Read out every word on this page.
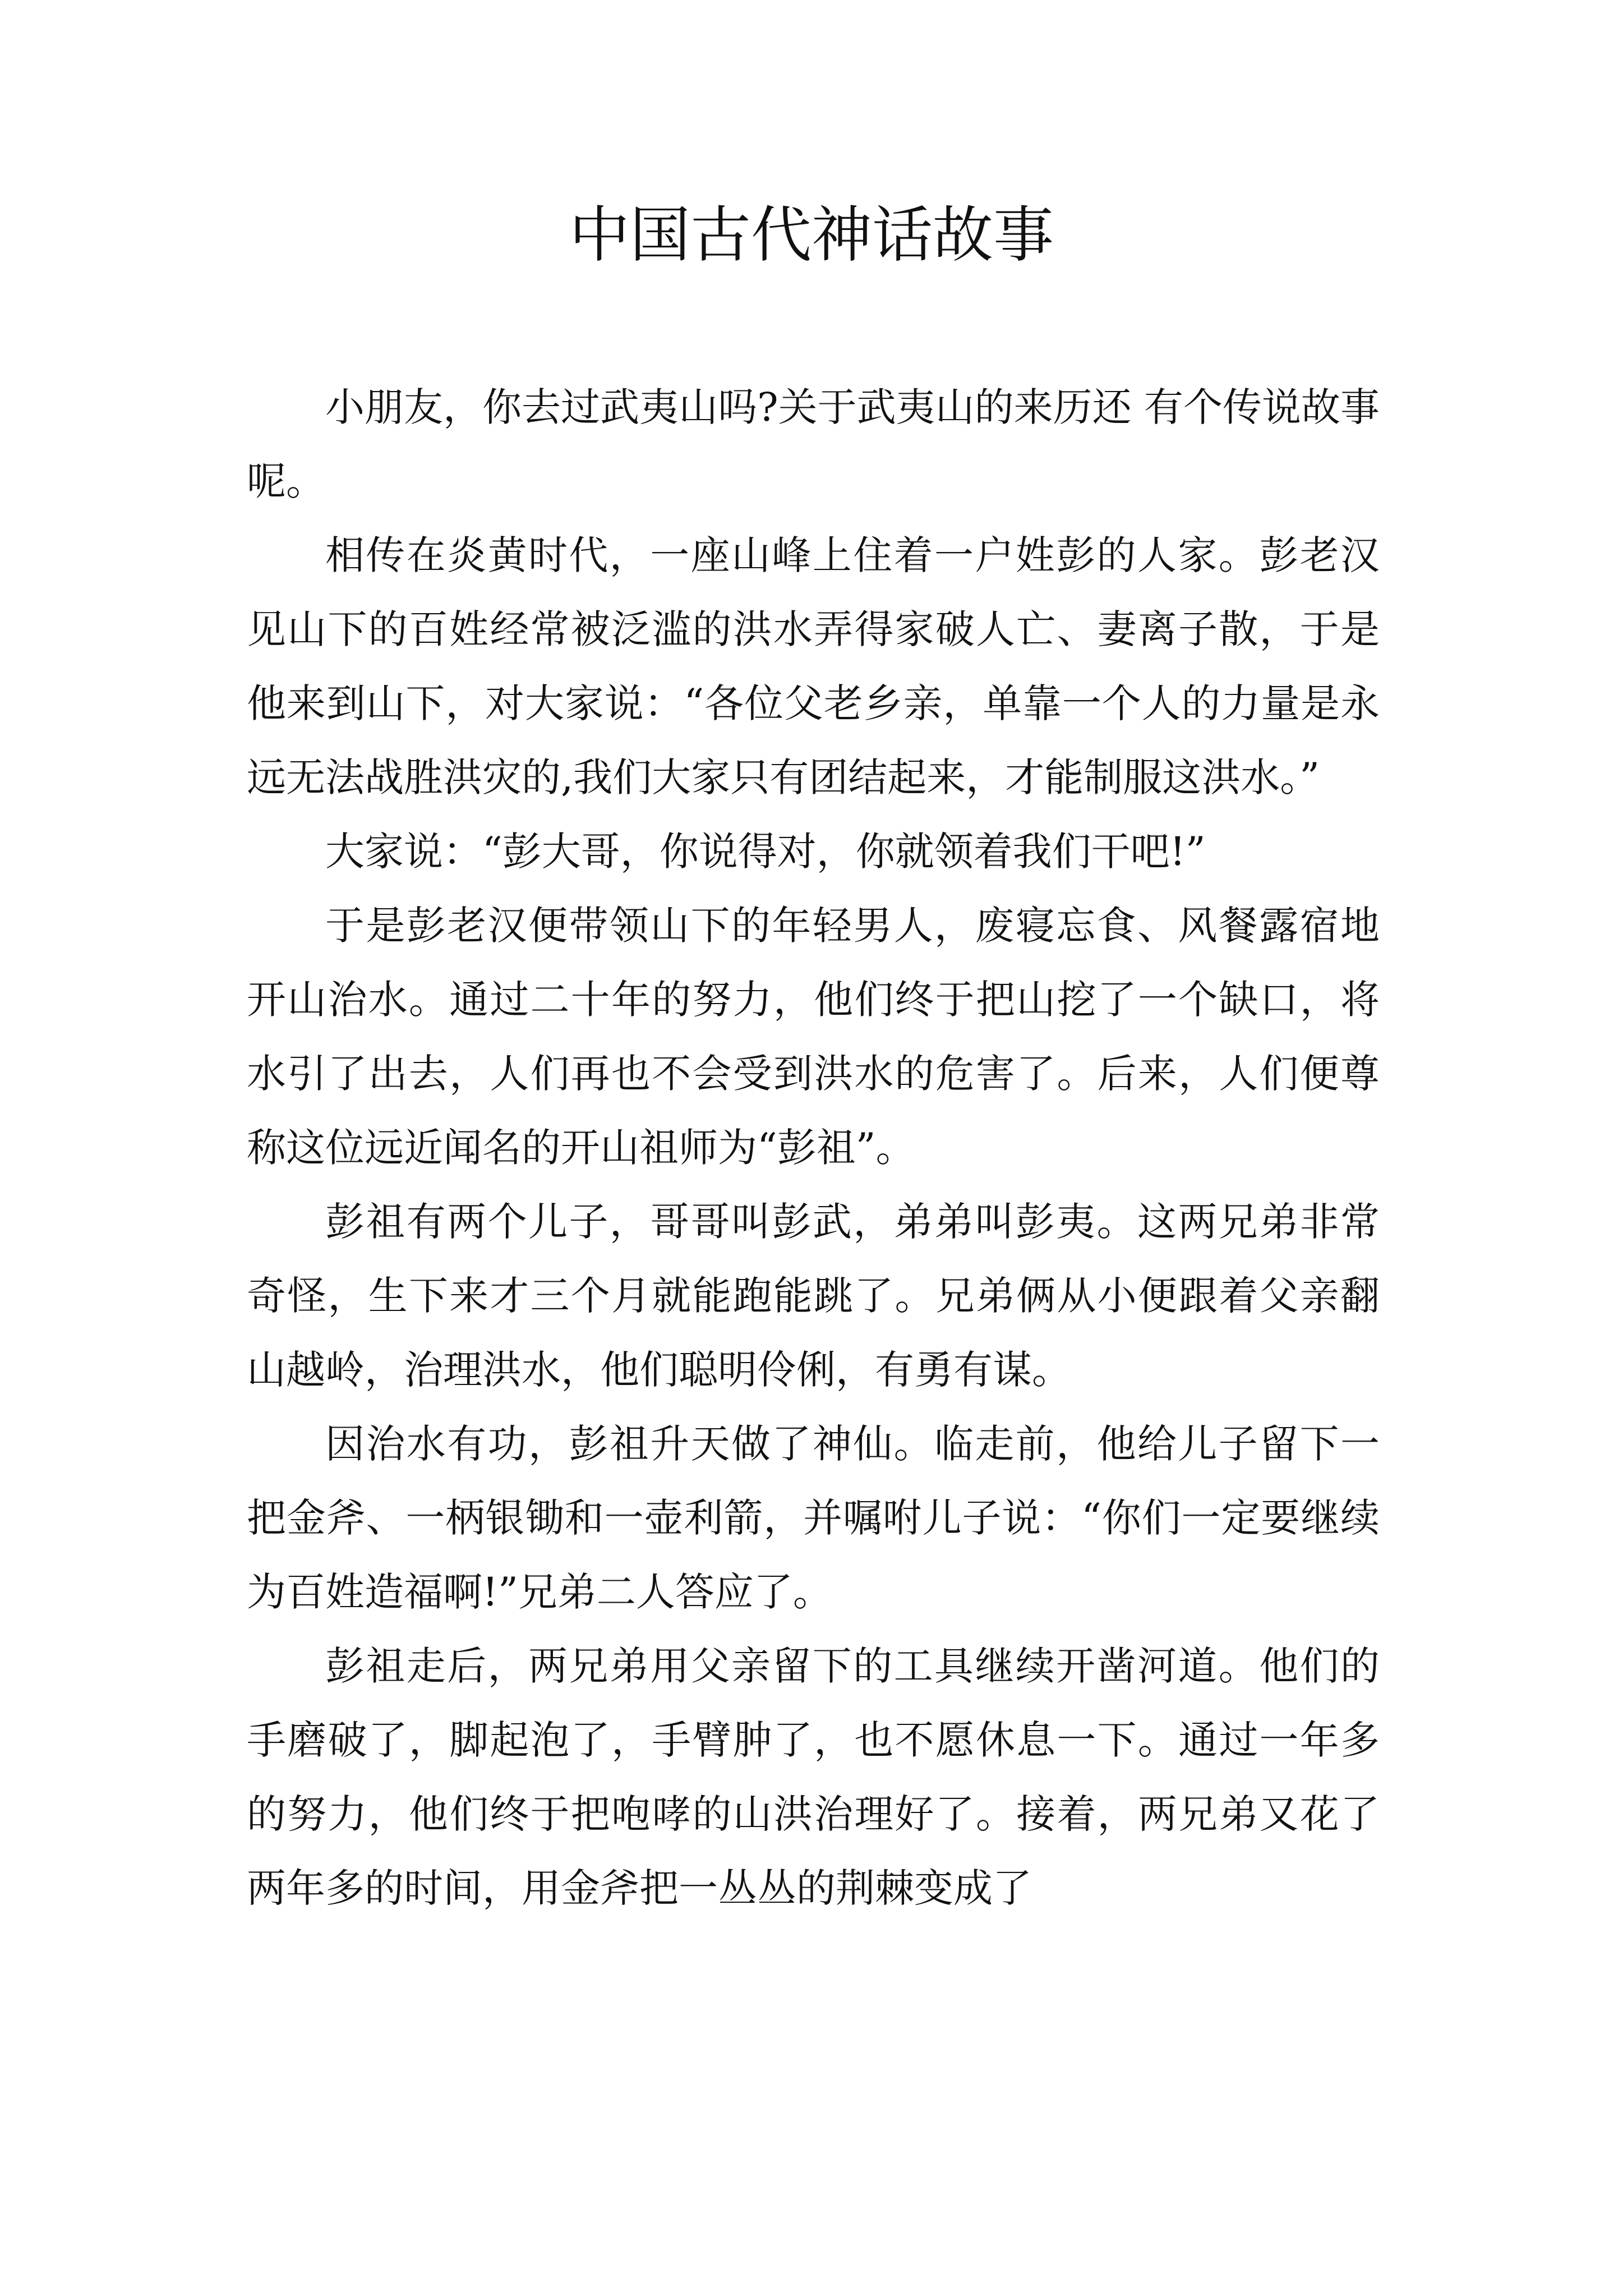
中国古代神话故事

小朋友，你去过武夷山吗?关于武夷山的来历还 有个传说故事呢。

相传在炎黄时代，一座山峰上住着一户姓彭的人家。彭老汉见山下的百姓经常被泛滥的洪水弄得家破人亡、妻离子散，于是他来到山下，对大家说：“各位父老乡亲，单靠一个人的力量是永远无法战胜洪灾的,我们大家只有团结起来，才能制服这洪水。”

大家说：“彭大哥，你说得对，你就领着我们干吧!”

于是彭老汉便带领山下的年轻男人，废寝忘食、风餐露宿地开山治水。通过二十年的努力，他们终于把山挖了一个缺口，将水引了出去，人们再也不会受到洪水的危害了。后来，人们便尊称这位远近闻名的开山祖师为“彭祖”。

彭祖有两个儿子，哥哥叫彭武，弟弟叫彭夷。这两兄弟非常奇怪，生下来才三个月就能跑能跳了。兄弟俩从小便跟着父亲翻山越岭，治理洪水，他们聪明伶俐，有勇有谋。

因治水有功，彭祖升天做了神仙。临走前，他给儿子留下一把金斧、一柄银锄和一壶利箭，并嘱咐儿子说：“你们一定要继续为百姓造福啊!”兄弟二人答应了。

彭祖走后，两兄弟用父亲留下的工具继续开凿河道。他们的手磨破了，脚起泡了，手臂肿了，也不愿休息一下。通过一年多的努力，他们终于把咆哮的山洪治理好了。接着，两兄弟又花了两年多的时间，用金斧把一丛丛的荆棘变成了
